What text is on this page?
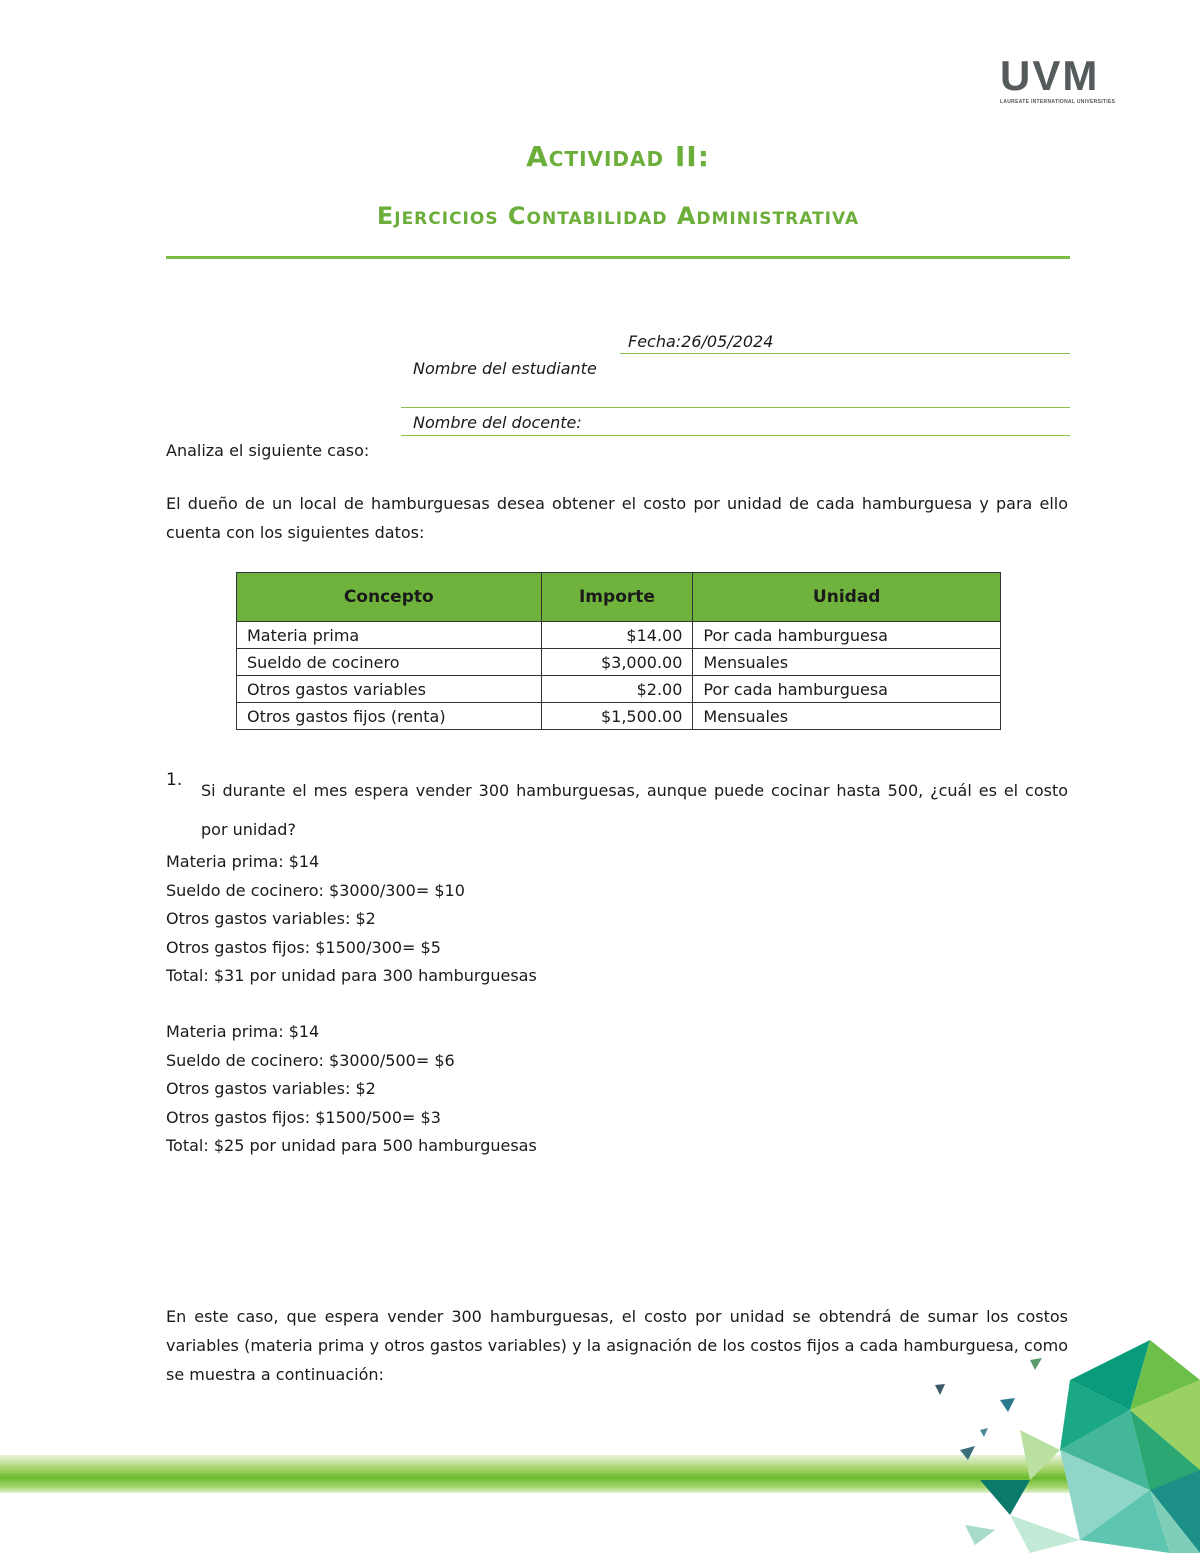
UVM
LAUREATE INTERNATIONAL UNIVERSITIES
Actividad II:
Ejercicios Contabilidad Administrativa
Fecha:26/05/2024
Nombre del estudiante
Nombre del docente:
Analiza el siguiente caso:
El dueño de un local de hamburguesas desea obtener el costo por unidad de cada hamburguesa y para ello cuenta con los siguientes datos:
Concepto	Importe	Unidad
Materia prima	$14.00	Por cada hamburguesa
Sueldo de cocinero	$3,000.00	Mensuales
Otros gastos variables	$2.00	Por cada hamburguesa
Otros gastos fijos (renta)	$1,500.00	Mensuales
1.
Si durante el mes espera vender 300 hamburguesas, aunque puede cocinar hasta 500, ¿cuál es el costo por unidad?
Materia prima: $14
Sueldo de cocinero: $3000/300= $10
Otros gastos variables: $2
Otros gastos fijos: $1500/300= $5
Total: $31 por unidad para 300 hamburguesas
Materia prima: $14
Sueldo de cocinero: $3000/500= $6
Otros gastos variables: $2
Otros gastos fijos: $1500/500= $3
Total: $25 por unidad para 500 hamburguesas
En este caso, que espera vender 300 hamburguesas, el costo por unidad se obtendrá de sumar los costos variables (materia prima y otros gastos variables) y la asignación de los costos fijos a cada hamburguesa, como se muestra a continuación:
